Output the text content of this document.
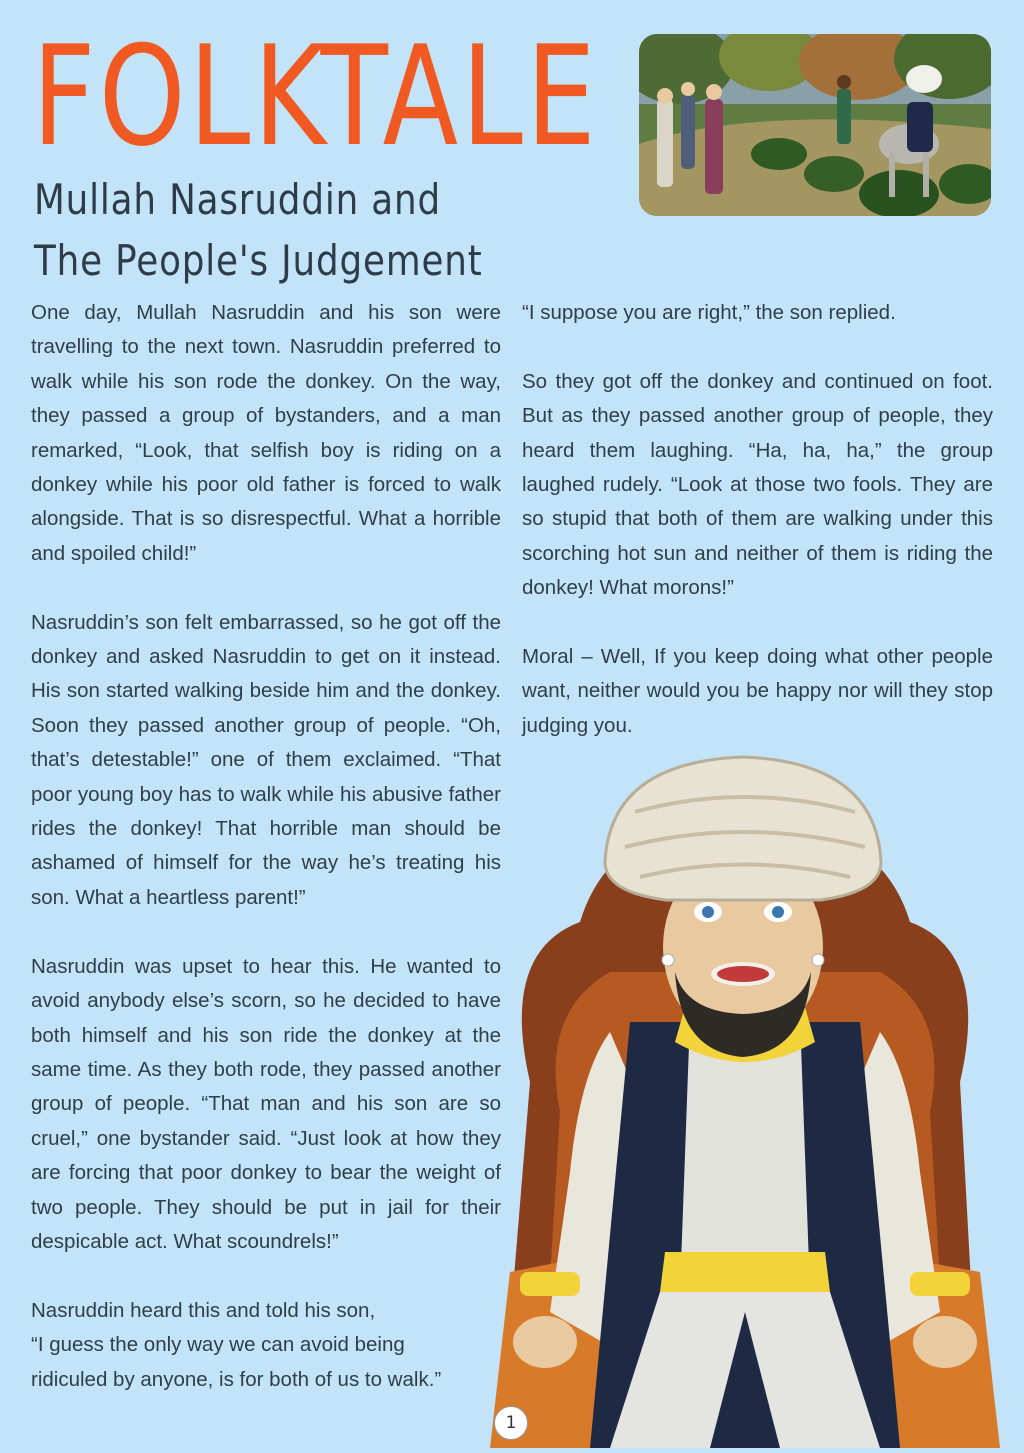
FOLKTALE
Mullah Nasruddin and
The People's Judgement

One day, Mullah Nasruddin and his son were travelling to the next town. Nasruddin preferred to walk while his son rode the donkey. On the way, they passed a group of bystanders, and a man remarked, “Look, that selfish boy is riding on a donkey while his poor old father is forced to walk alongside. That is so disrespectful. What a horrible and spoiled child!”

Nasruddin’s son felt embarrassed, so he got off the donkey and asked Nasruddin to get on it instead. His son started walking beside him and the donkey. Soon they passed another group of people. “Oh, that’s detestable!” one of them exclaimed. “That poor young boy has to walk while his abusive father rides the donkey! That horrible man should be ashamed of himself for the way he’s treating his son. What a heartless parent!”

Nasruddin was upset to hear this. He wanted to avoid anybody else’s scorn, so he decided to have both himself and his son ride the donkey at the same time. As they both rode, they passed another group of people. “That man and his son are so cruel,” one bystander said. “Just look at how they are forcing that poor donkey to bear the weight of two people. They should be put in jail for their despicable act. What scoundrels!”

Nasruddin heard this and told his son,
“I guess the only way we can avoid being
ridiculed by anyone, is for both of us to walk.”

“I suppose you are right,” the son replied.

So they got off the donkey and continued on foot. But as they passed another group of people, they heard them laughing. “Ha, ha, ha,” the group laughed rudely. “Look at those two fools. They are so stupid that both of them are walking under this scorching hot sun and neither of them is riding the donkey! What morons!”

Moral – Well, If you keep doing what other people want, neither would you be happy nor will they stop judging you.

1
